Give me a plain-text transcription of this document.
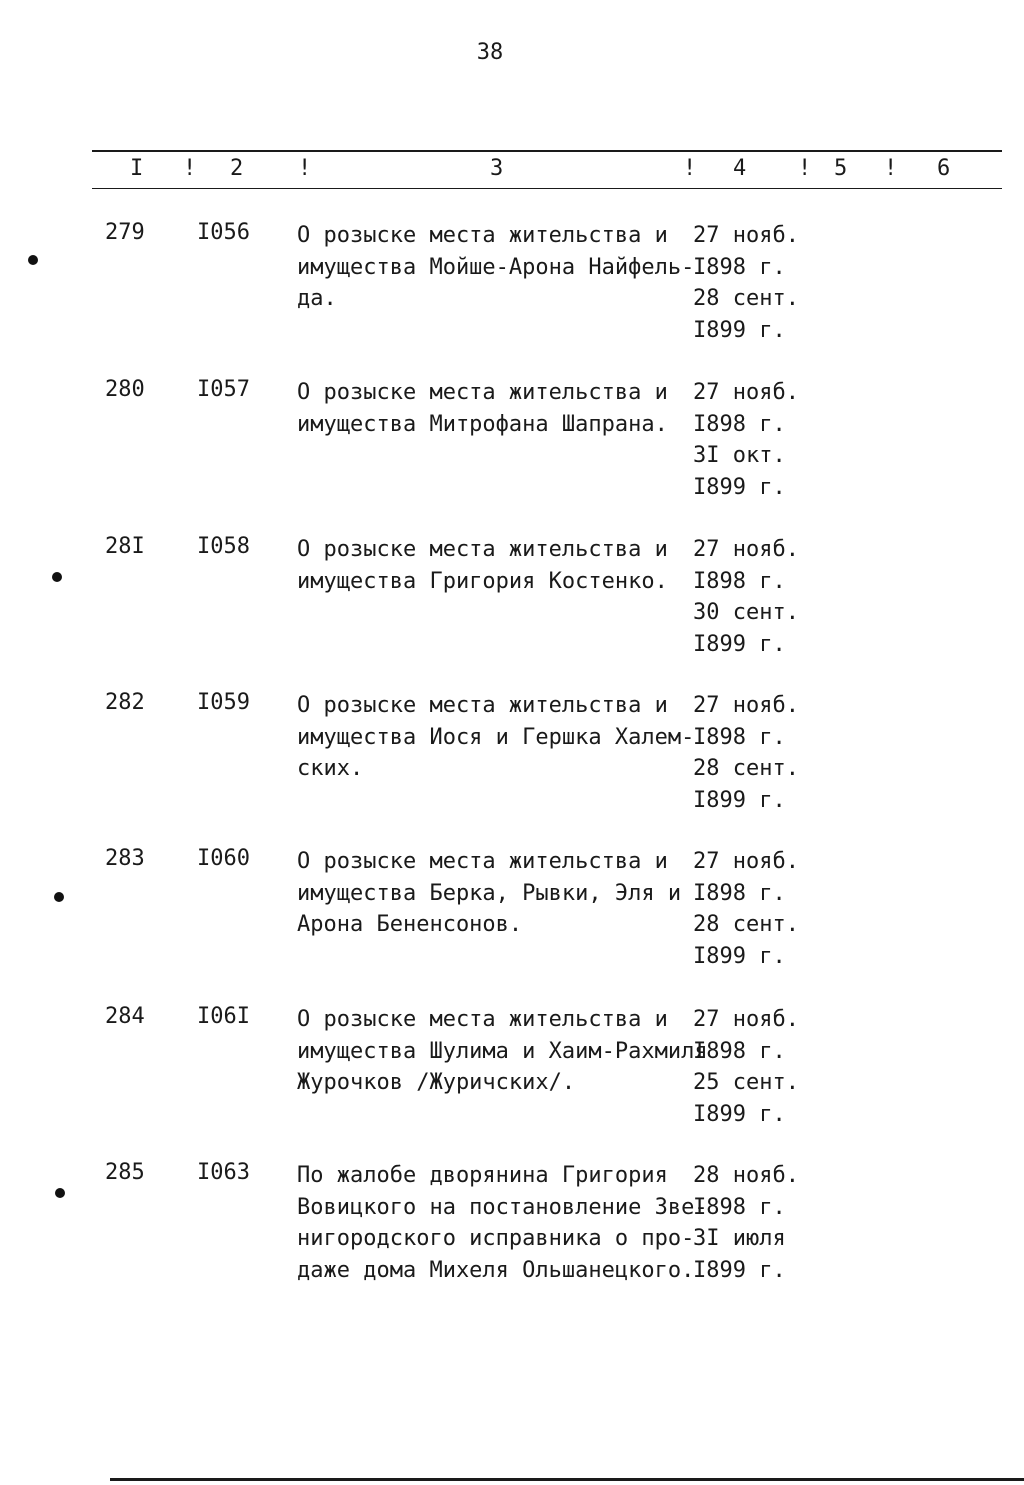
38
I ! 2 !	3	! 4 ! 5 ! 6
279 I056 О розыске места жительства и
имущества Мойше-Арона Найфель-
да.
27 нояб.
I898 г.
28 сент.
I899 г.
280 I057 О розыске места жительства и
имущества Митрофана Шапрана.
27 нояб.
I898 г.
3I окт.
I899 г.
28I I058 О розыске места жительства и
имущества Григория Костенко.
27 нояб.
I898 г.
30 сент.
I899 г.
282 I059 О розыске места жительства и
имущества Иося и Гершка Халем-
ских.
27 нояб.
I898 г.
28 сент.
I899 г.
283 I060 О розыске места жительства и
имущества Берка, Рывки, Эля и
Арона Бененсонов.
27 нояб.
I898 г.
28 сент.
I899 г.
284 I06I О розыске места жительства и
имущества Шулима и Хаим-Рахмиля
Журочков /Журичских/.
27 нояб.
I898 г.
25 сент.
I899 г.
285 I063 По жалобе дворянина Григория
Вовицкого на постановление Зве-
нигородского исправника о про-
даже дома Михеля Ольшанецкого.
28 нояб.
I898 г.
3I июля
I899 г.
